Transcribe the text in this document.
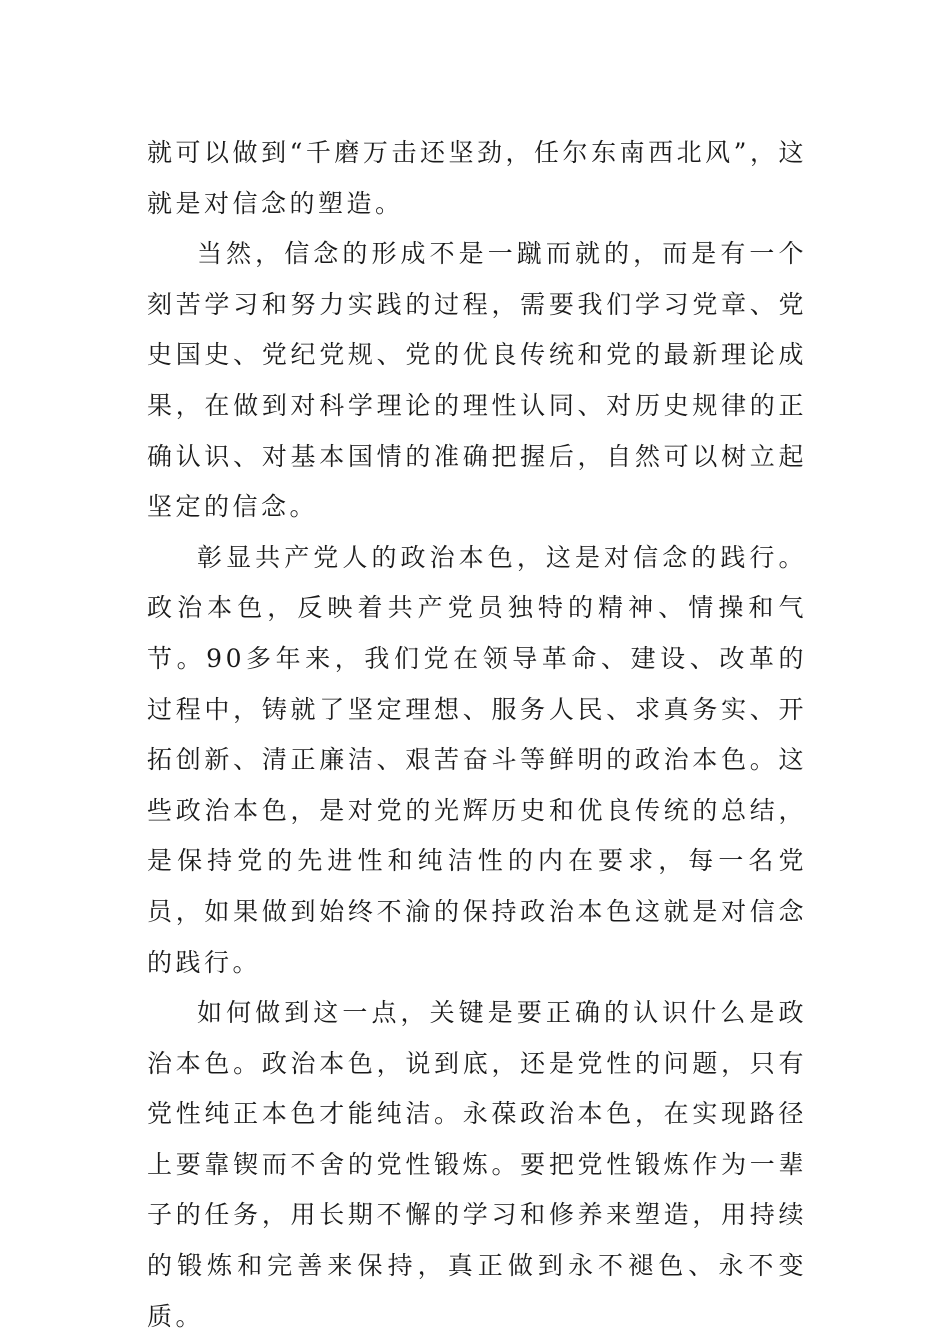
就可以做到“千磨万击还坚劲，任尔东南西北风”，这就是对信念的塑造。

当然，信念的形成不是一蹴而就的，而是有一个刻苦学习和努力实践的过程，需要我们学习党章、党史国史、党纪党规、党的优良传统和党的最新理论成果，在做到对科学理论的理性认同、对历史规律的正确认识、对基本国情的准确把握后，自然可以树立起坚定的信念。

彰显共产党人的政治本色，这是对信念的践行。政治本色，反映着共产党员独特的精神、情操和气节。90多年来，我们党在领导革命、建设、改革的过程中，铸就了坚定理想、服务人民、求真务实、开拓创新、清正廉洁、艰苦奋斗等鲜明的政治本色。这些政治本色，是对党的光辉历史和优良传统的总结，是保持党的先进性和纯洁性的内在要求，每一名党员，如果做到始终不渝的保持政治本色这就是对信念的践行。

如何做到这一点，关键是要正确的认识什么是政治本色。政治本色，说到底，还是党性的问题，只有党性纯正本色才能纯洁。永葆政治本色，在实现路径上要靠锲而不舍的党性锻炼。要把党性锻炼作为一辈子的任务，用长期不懈的学习和修养来塑造，用持续的锻炼和完善来保持，真正做到永不褪色、永不变质。
